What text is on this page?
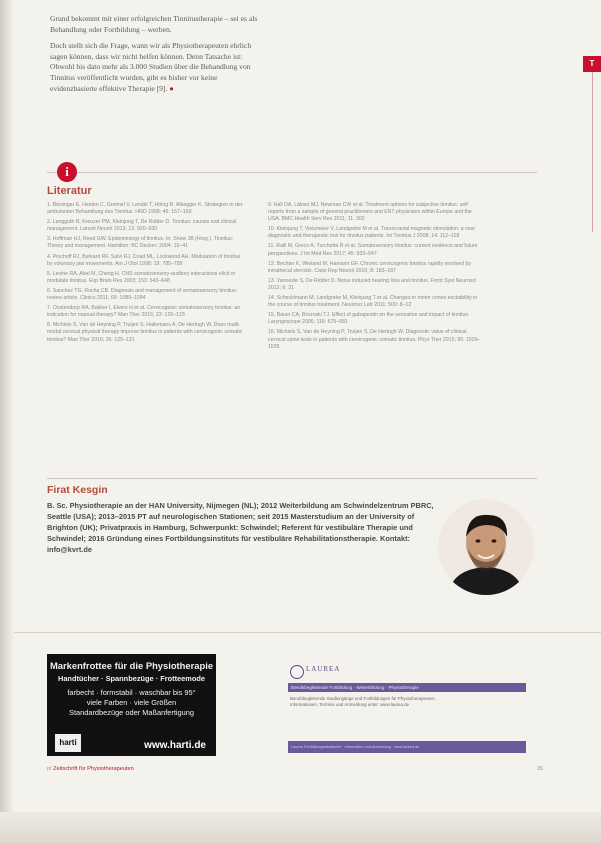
Grund bekommt mit einer erfolgreichen Tinnitustherapie – sei es als Behandlung oder Fortbildung – werben.

Doch stellt sich die Frage, wann wir als Physiotherapeuten ehrlich sagen können, dass wir nicht helfen können. Denn Tatsache ist: Obwohl bis dato mehr als 3.000 Studien über die Behandlung von Tinnitus veröffentlicht wurden, gibt es bisher vor keine evidenzbasierte effektive Therapie [9]. ●

T
i
Literatur
1. Biesinger E, Heiden C, Greimel V, Lendle T, Höing R, Albegger K. Strategien in der ambulanten Behandlung des Tinnitus. HNO 1998; 46: 157–169
2. Langguth B, Kreuzer PM, Kleinjung T, De Ridder D. Tinnitus: causes and clinical management. Lancet Neurol 2013; 12: 920–930
3. Hoffman HJ, Reed GW. Epidemiology of tinnitus. In: Snow JB (Hrsg.). Tinnitus: Theory and management. Hamilton: BC Decker; 2004: 16–41
4. Pinchoff RJ, Burkard RF, Salvi RJ, Coad ML, Lockwood AH. Modulation of tinnitus by voluntary jaw movements. Am J Otol 1998; 19: 785–789
5. Levine RA, Abel M, Cheng H. CNS somatosensory-auditory interactions elicit or modulate tinnitus. Exp Brain Res 2003; 153: 643–648
6. Sanchez TG, Rocha CB. Diagnosis and management of somatosensory tinnitus: review article. Clinics 2011; 66: 1089–1094
7. Oostendorp RA, Bakker I, Elvers H et al. Cervicogenic somatosensory tinnitus: an indication for manual therapy? Man Ther 2016; 23: 120–123
8. Michiels S, Van de Heyning P, Truijen S, Hallemans A, De Hertogh W. Does multi-modal cervical physical therapy improve tinnitus in patients with cervicogenic somatic tinnitus? Man Ther 2016; 26: 125–131
9. Hall DA, Láinez MJ, Newman CW et al. Treatment options for subjective tinnitus: self reports from a sample of general practitioners and ENT physicians within Europe and the USA. BMC Health Serv Res 2011; 11: 302
10. Kleinjung T, Vielsmeier V, Landgrebe M et al. Transcranial magnetic stimulation: a new diagnostic and therapeutic tool for tinnitus patients. Int Tinnitus J 2008; 14: 112–118
11. Ralli M, Greco A, Turchetta R et al. Somatosensory tinnitus: current evidence and future perspectives. J Int Med Res 2017; 45: 933–947
12. Bechter K, Wieland M, Hamann GF. Chronic cervicogenic tinnitus rapidly resolved by intrathecal steroids. Case Rep Neurol 2016; 8: 183–187
13. Vanneste S, De Ridder D. Noise induced hearing loss and tinnitus. Front Syst Neurosci 2012; 6: 31
14. Schecklmann M, Landgrebe M, Kleinjung T et al. Changes in motor cortex excitability in the course of tinnitus treatment. Neurosci Lett 2011; 500: 8–12
15. Bauer CA, Brozoski TJ. Effect of gabapentin on the sensation and impact of tinnitus. Laryngoscope 2006; 116: 675–681
16. Michiels S, Van de Heyning P, Truijen S, De Hertogh W. Diagnostic value of clinical cervical spine tests in patients with cervicogenic somatic tinnitus. Phys Ther 2015; 95: 1529–1535
Firat Kesgin
B. Sc. Physiotherapie an der HAN University, Nijmegen (NL); 2012 Weiterbildung am Schwindelzentrum PBRC, Seattle (USA); 2013–2015 PT auf neurologischen Stationen; seit 2015 Masterstudium an der University of Brighton (UK); Privatpraxis in Hamburg, Schwerpunkt: Schwindel; Referent für vestibuläre Therapie und Schwindel; 2016 Gründung eines Fortbildungsinstituts für vestibuläre Rehabilitationstherapie. Kontakt: info@kvrt.de
Markenfrottee für die Physiotherapie
Handtücher · Spannbezüge · Frotteemode
farbecht · formstabil · waschbar bis 95°
viele Farben · viele Größen
Standardbezüge oder Maßanfertigung
harti	www.harti.de
LAUREA
Berufsbegleitende Fortbildung · Weiterbildung · Physiotherapie
Berufsbegleitende Studiengänge und Fortbildungen für Physiotherapeuten.
Informationen, Termine und Anmeldung unter: www.laurea.de
Laurea Fortbildungsakademie · Information und Anmeldung · www.laurea.de
pt Zeitschrift für Physiotherapeuten	35
